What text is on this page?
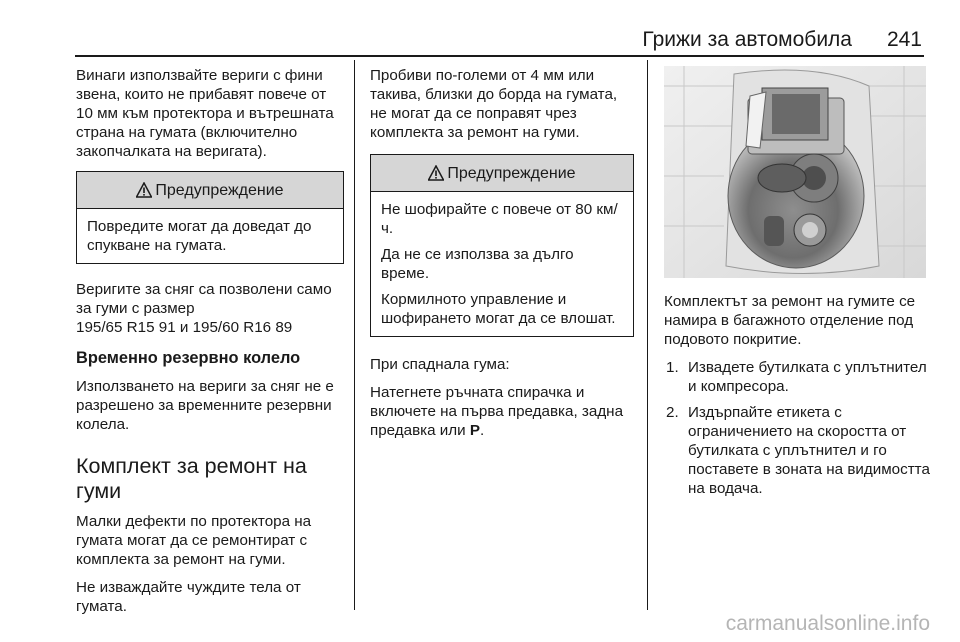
Грижи за автомобила 241

Винаги използвайте вериги с фини звена, които не прибавят повече от 10 мм към протектора и вътрешната страна на гумата (включително закопчалката на веригата).

Предупреждение

Повредите могат да доведат до спукване на гумата.

Веригите за сняг са позволени само за гуми с размер
195/65 R15 91 и 195/60 R16 89

Временно резервно колело

Използването на вериги за сняг не е разрешено за временните резервни колела.

Комплект за ремонт на гуми

Малки дефекти по протектора на гумата могат да се ремонтират с комплекта за ремонт на гуми.

Не изваждайте чуждите тела от гумата.

Пробиви по-големи от 4 мм или такива, близки до борда на гумата, не могат да се поправят чрез комплекта за ремонт на гуми.

Предупреждение

Не шофирайте с повече от 80 км/ч.

Да не се използва за дълго време.

Кормилното управление и шофирането могат да се влошат.

При спаднала гума:

Натегнете ръчната спирачка и включете на първа предавка, задна предавка или P.

Комплектът за ремонт на гумите се намира в багажното отделение под подовото покритие.

1. Извадете бутилката с уплътнител и компресора.
2. Издърпайте етикета с ограничението на скоростта от бутилката с уплътнител и го поставете в зоната на видимостта на водача.
carmanualsonline.info
